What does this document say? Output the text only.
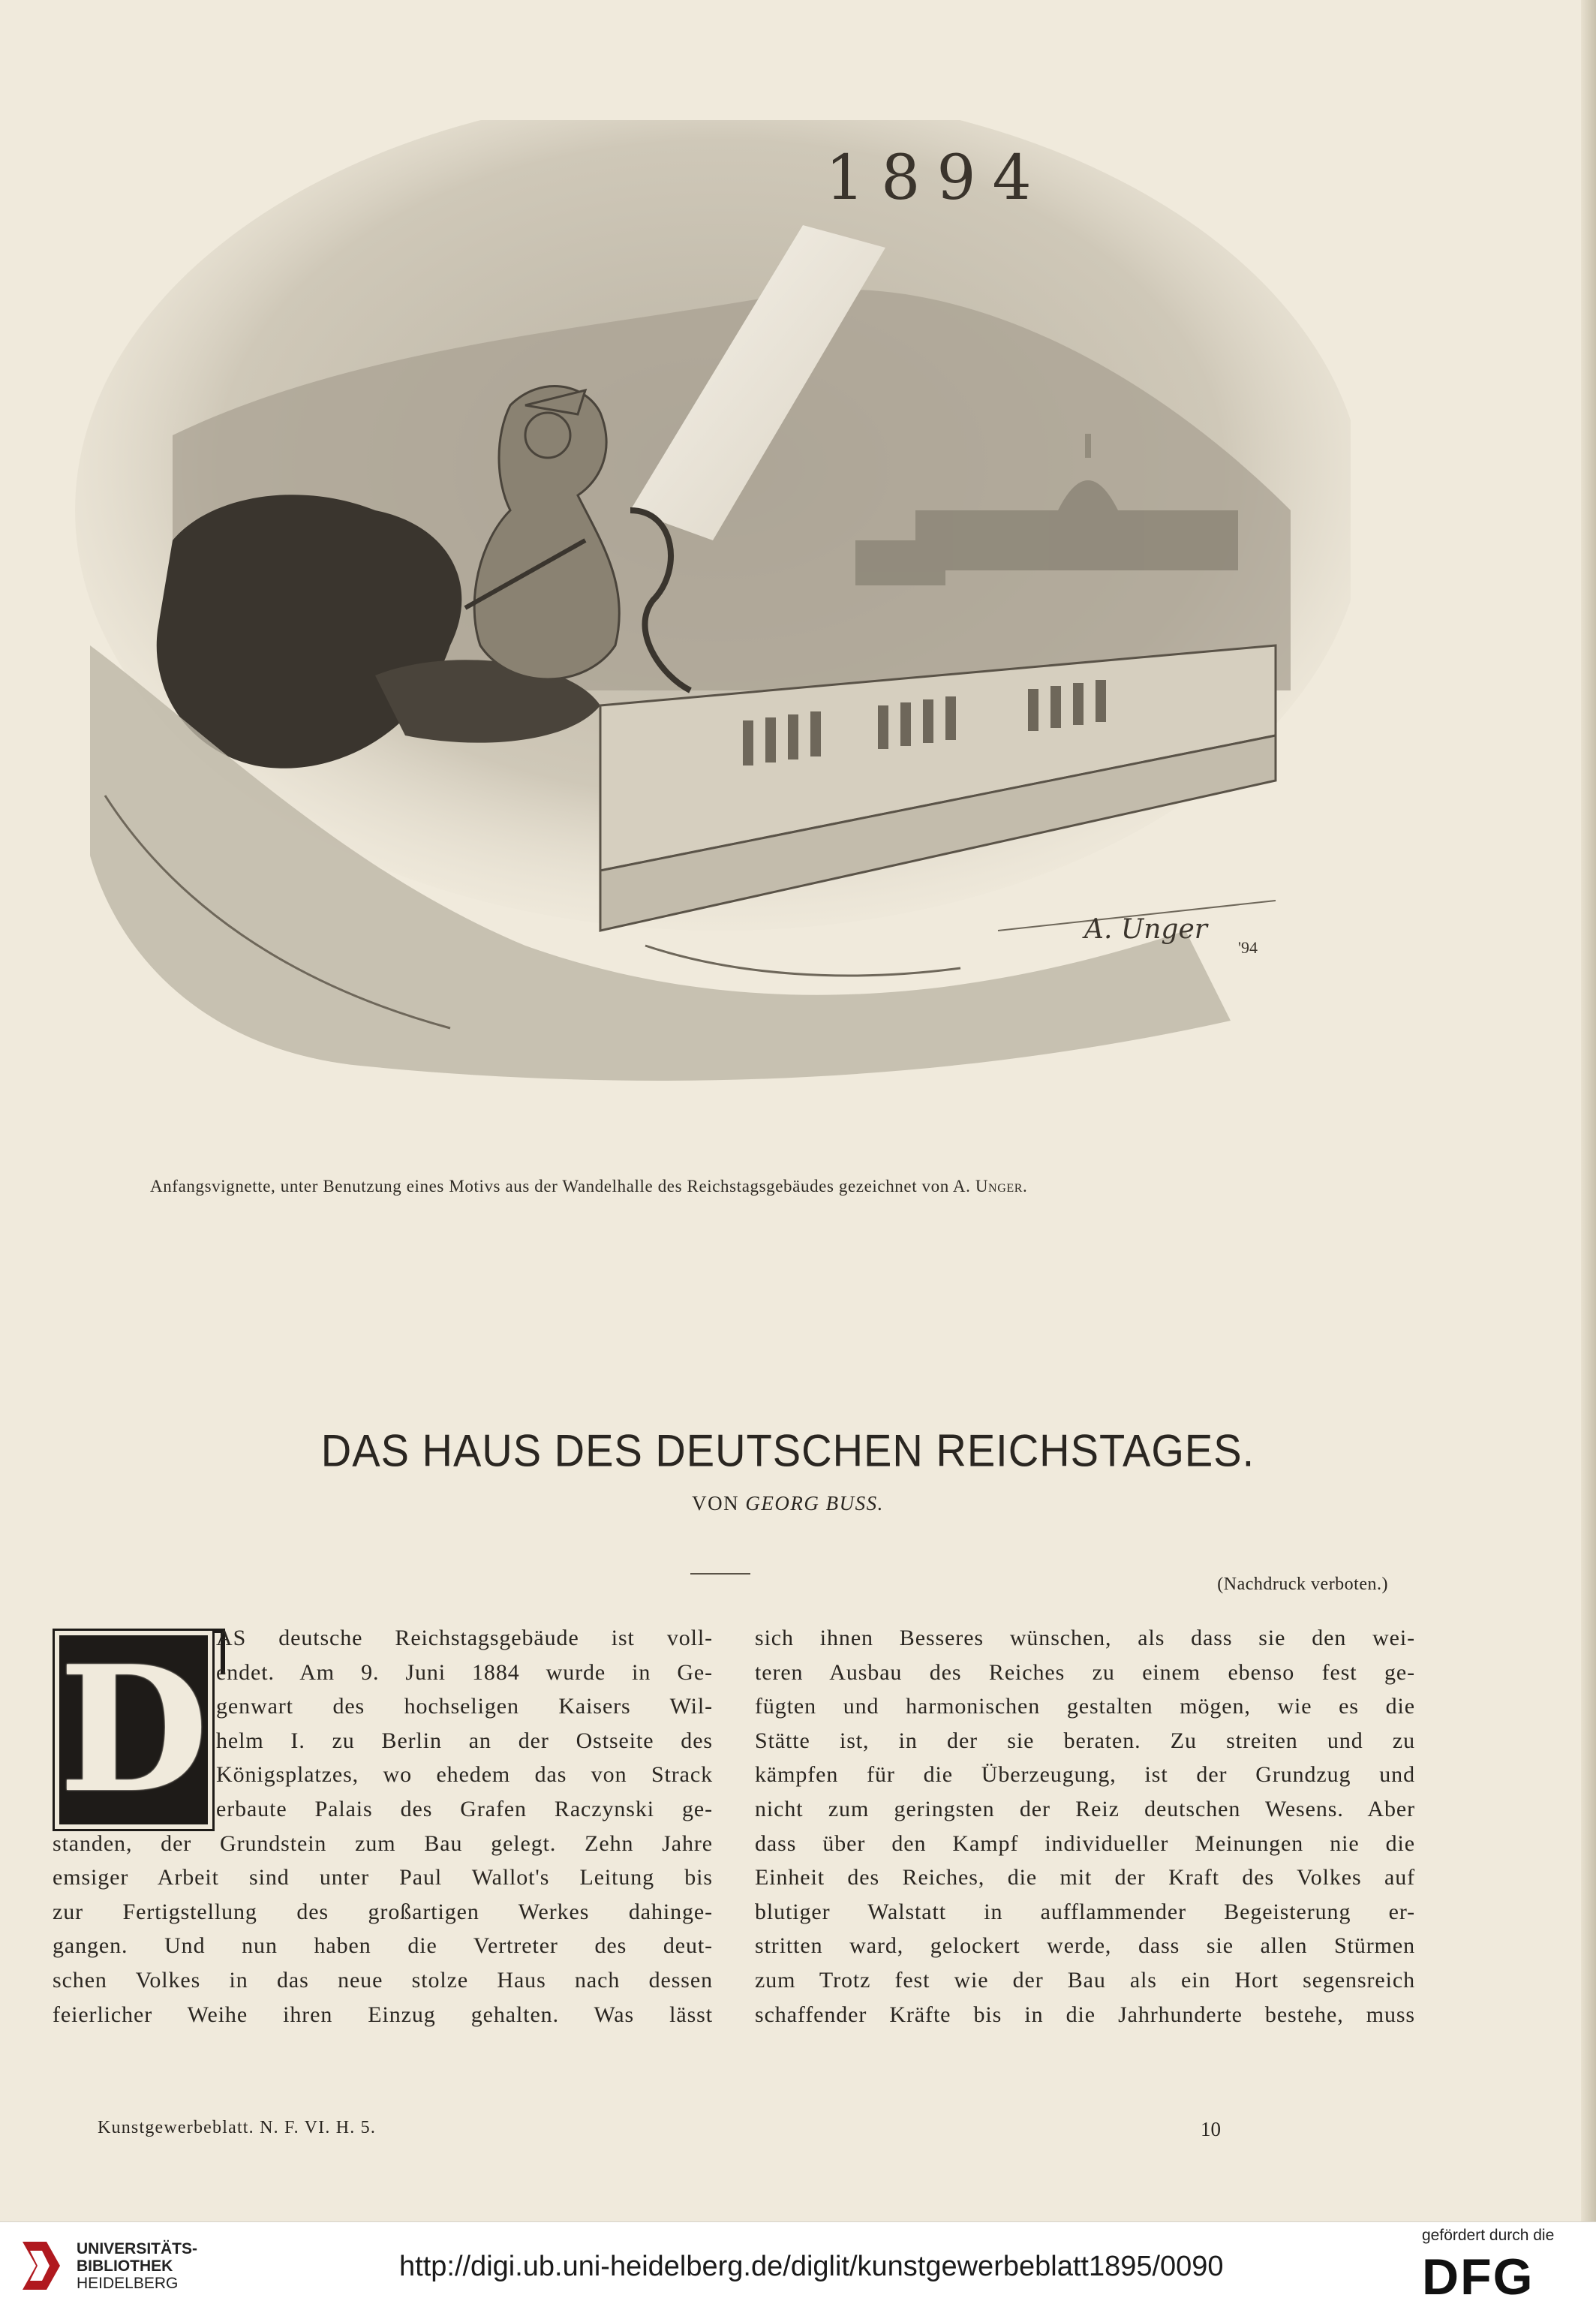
1894
A. Unger
'94
Anfangsvignette, unter Benutzung eines Motivs aus der Wandelhalle des Reichstagsgebäudes gezeichnet von A. Unger.
DAS HAUS DES DEUTSCHEN REICHSTAGES.
VON GEORG BUSS.
(Nachdruck verboten.)
D AS deutsche Reichstagsgebäude ist voll-

endet. Am 9. Juni 1884 wurde in Ge-

genwart des hochseligen Kaisers Wil-

helm I. zu Berlin an der Ostseite des

Königsplatzes, wo ehedem das von Strack

erbaute Palais des Grafen Raczynski ge-

standen, der Grundstein zum Bau gelegt. Zehn Jahre

emsiger Arbeit sind unter Paul Wallot's Leitung bis

zur Fertigstellung des großartigen Werkes dahinge-

gangen. Und nun haben die Vertreter des deut-

schen Volkes in das neue stolze Haus nach dessen

feierlicher Weihe ihren Einzug gehalten. Was lässt

sich ihnen Besseres wünschen, als dass sie den wei-

teren Ausbau des Reiches zu einem ebenso fest ge-

fügten und harmonischen gestalten mögen, wie es die

Stätte ist, in der sie beraten. Zu streiten und zu

kämpfen für die Überzeugung, ist der Grundzug und

nicht zum geringsten der Reiz deutschen Wesens. Aber

dass über den Kampf individueller Meinungen nie die

Einheit des Reiches, die mit der Kraft des Volkes auf

blutiger Walstatt in aufflammender Begeisterung er-

stritten ward, gelockert werde, dass sie allen Stürmen

zum Trotz fest wie der Bau als ein Hort segensreich

schaffender Kräfte bis in die Jahrhunderte bestehe, muss

Kunstgewerbeblatt. N. F. VI. H. 5.	10
UNIVERSITÄTS-
BIBLIOTHEK
HEIDELBERG
http://digi.ub.uni-heidelberg.de/diglit/kunstgewerbeblatt1895/0090
gefördert durch die
DFG
